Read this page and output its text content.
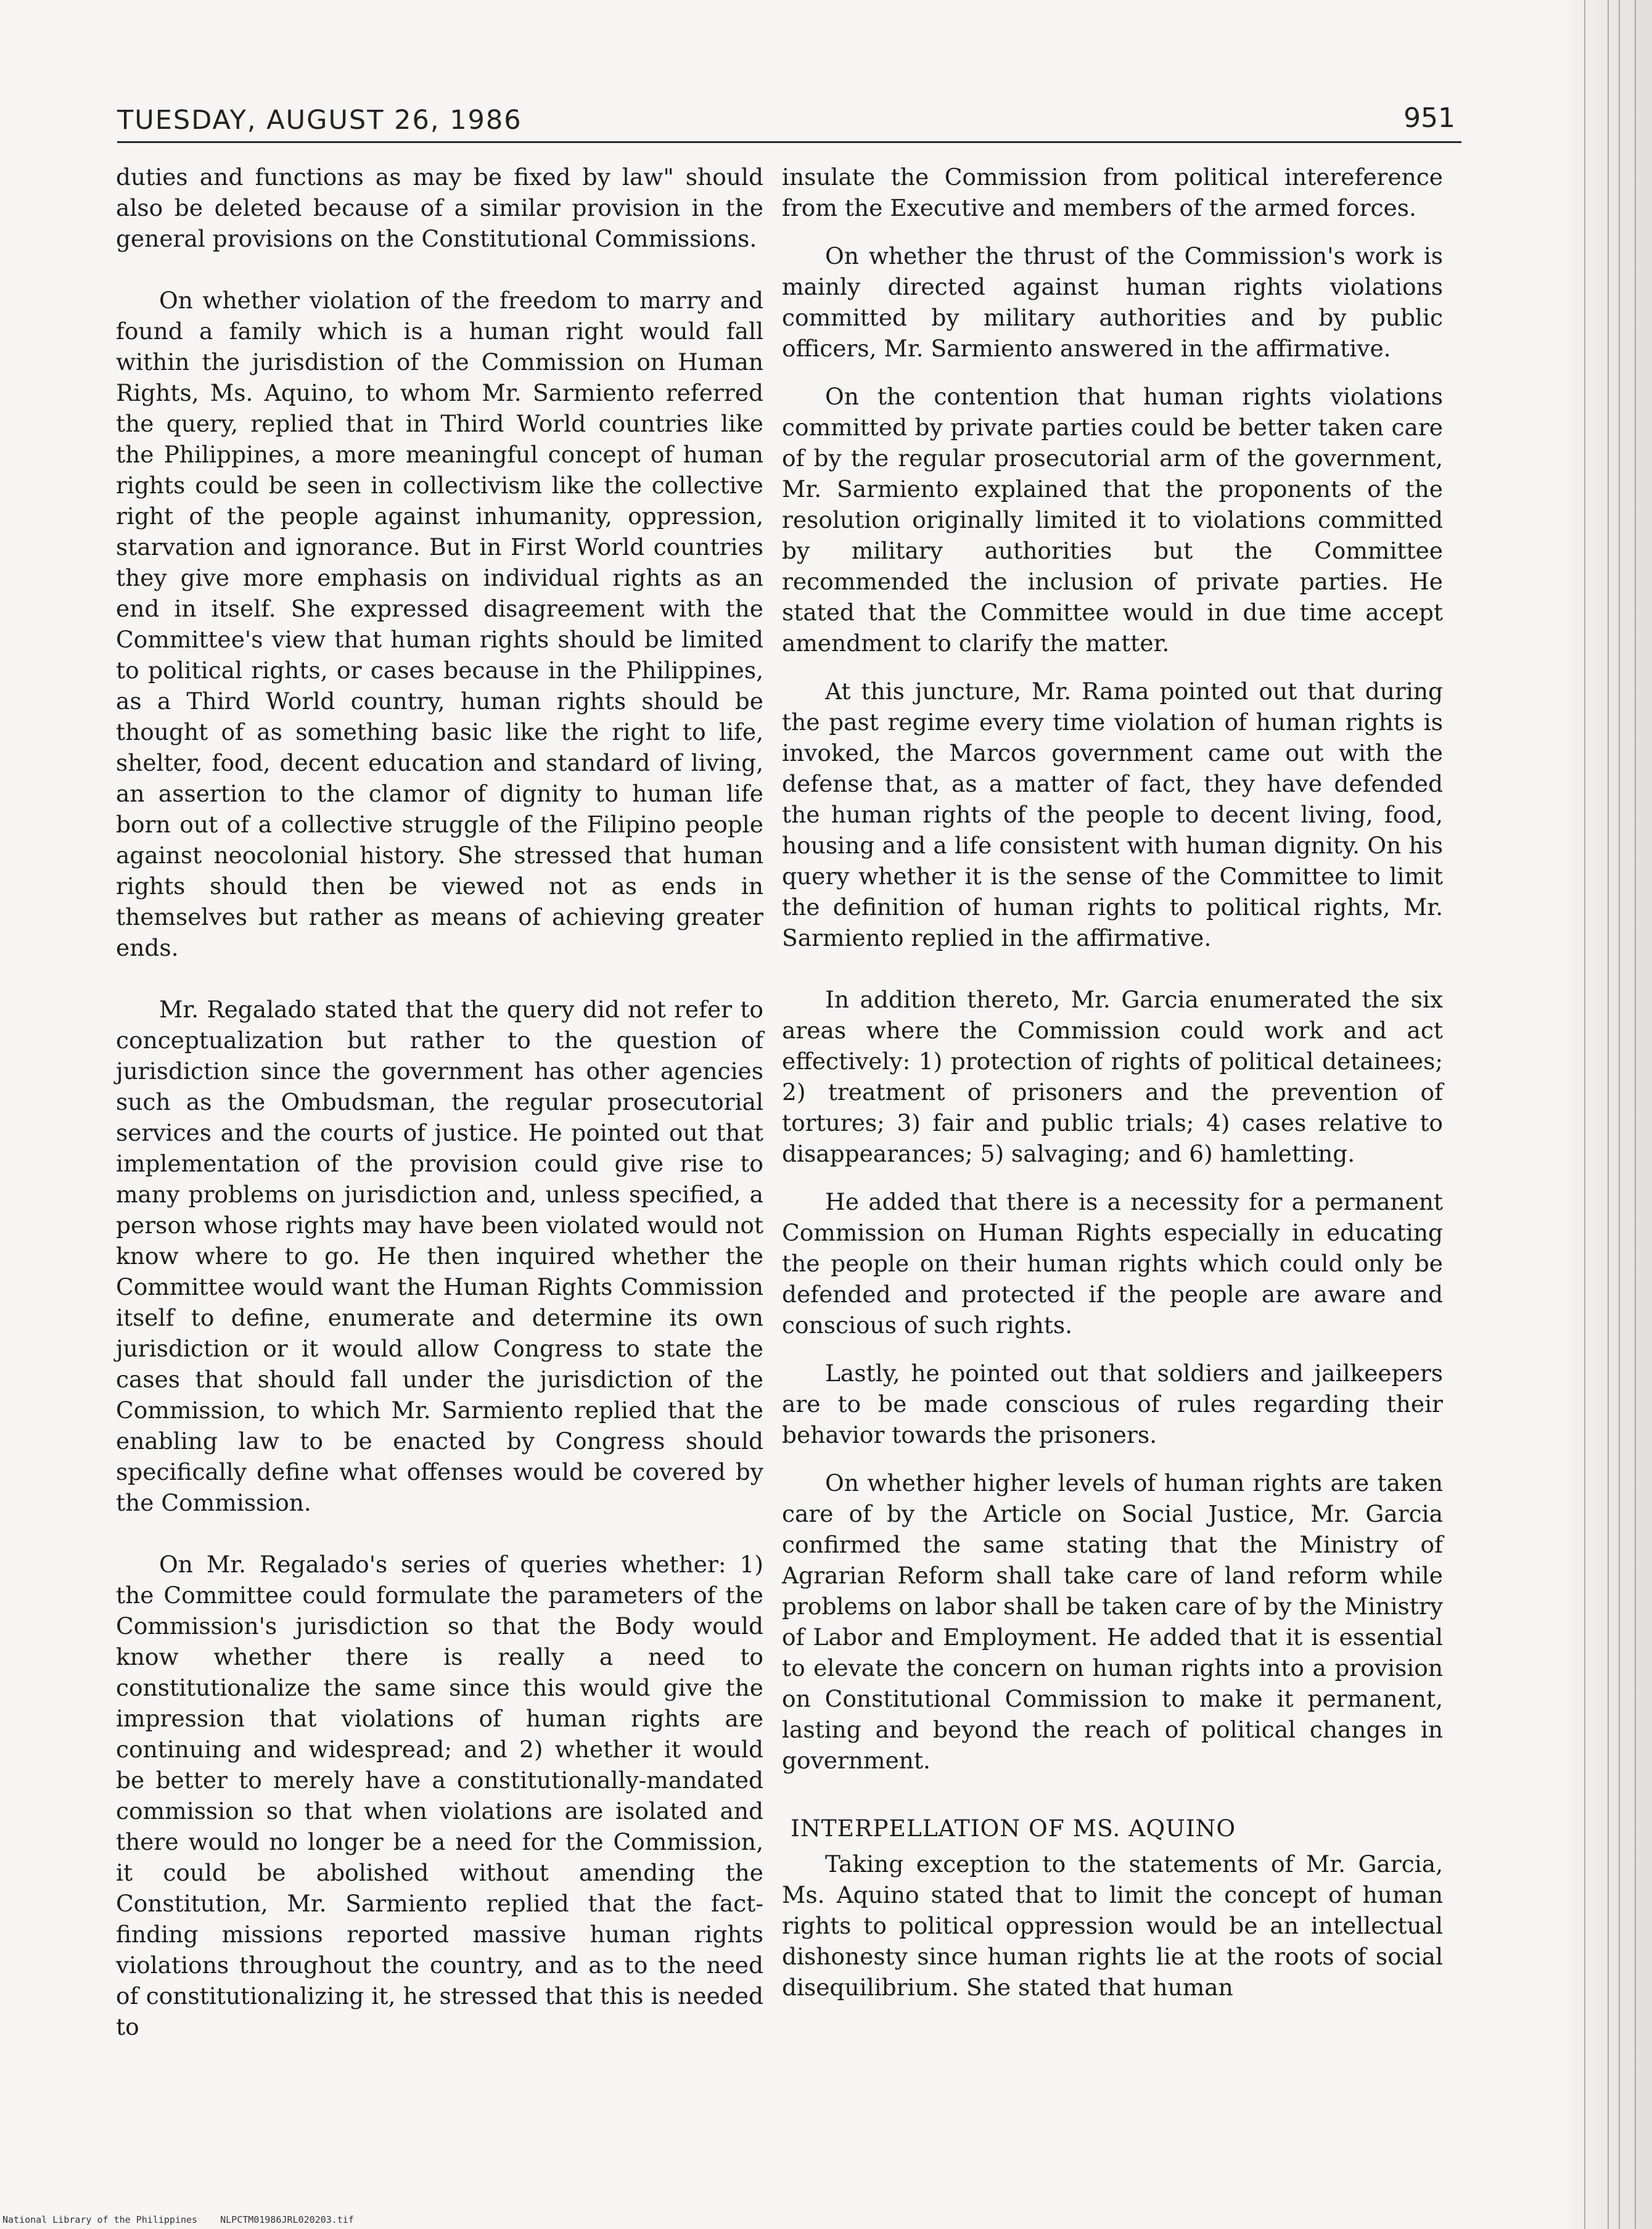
TUESDAY, AUGUST 26, 1986	951

duties and functions as may be fixed by law" should also be deleted because of a similar provision in the general provisions on the Constitutional Commissions.

On whether violation of the freedom to marry and found a family which is a human right would fall within the jurisdistion of the Commission on Human Rights, Ms. Aquino, to whom Mr. Sarmiento referred the query, replied that in Third World countries like the Philippines, a more meaningful concept of human rights could be seen in collectivism like the collective right of the people against inhumanity, oppression, starvation and ignorance. But in First World countries they give more emphasis on individual rights as an end in itself. She expressed disagreement with the Committee's view that human rights should be limited to political rights, or cases because in the Philippines, as a Third World country, human rights should be thought of as something basic like the right to life, shelter, food, decent education and standard of living, an assertion to the clamor of dignity to human life born out of a collective struggle of the Filipino people against neocolonial history. She stressed that human rights should then be viewed not as ends in themselves but rather as means of achieving greater ends.

Mr. Regalado stated that the query did not refer to conceptualization but rather to the question of jurisdiction since the government has other agencies such as the Ombudsman, the regular prosecutorial services and the courts of justice. He pointed out that implementation of the provision could give rise to many problems on jurisdiction and, unless specified, a person whose rights may have been violated would not know where to go. He then inquired whether the Committee would want the Human Rights Commission itself to define, enumerate and determine its own jurisdiction or it would allow Congress to state the cases that should fall under the jurisdiction of the Commission, to which Mr. Sarmiento replied that the enabling law to be enacted by Congress should specifically define what offenses would be covered by the Commission.

On Mr. Regalado's series of queries whether: 1) the Committee could formulate the parameters of the Commission's jurisdiction so that the Body would know whether there is really a need to constitutionalize the same since this would give the impression that violations of human rights are continuing and widespread; and 2) whether it would be better to merely have a constitutionally-mandated commission so that when violations are isolated and there would no longer be a need for the Commission, it could be abolished without amending the Constitution, Mr. Sarmiento replied that the fact-finding missions reported massive human rights violations throughout the country, and as to the need of constitutionalizing it, he stressed that this is needed to

insulate the Commission from political intereference from the Executive and members of the armed forces.

On whether the thrust of the Commission's work is mainly directed against human rights violations committed by military authorities and by public officers, Mr. Sarmiento answered in the affirmative.

On the contention that human rights violations committed by private parties could be better taken care of by the regular prosecutorial arm of the government, Mr. Sarmiento explained that the proponents of the resolution originally limited it to violations committed by military authorities but the Committee recommended the inclusion of private parties. He stated that the Committee would in due time accept amendment to clarify the matter.

At this juncture, Mr. Rama pointed out that during the past regime every time violation of human rights is invoked, the Marcos government came out with the defense that, as a matter of fact, they have defended the human rights of the people to decent living, food, housing and a life consistent with human dignity. On his query whether it is the sense of the Committee to limit the definition of human rights to political rights, Mr. Sarmiento replied in the affirmative.

In addition thereto, Mr. Garcia enumerated the six areas where the Commission could work and act effectively: 1) protection of rights of political detainees; 2) treatment of prisoners and the prevention of tortures; 3) fair and public trials; 4) cases relative to disappearances; 5) salvaging; and 6) hamletting.

He added that there is a necessity for a permanent Commission on Human Rights especially in educating the people on their human rights which could only be defended and protected if the people are aware and conscious of such rights.

Lastly, he pointed out that soldiers and jailkeepers are to be made conscious of rules regarding their behavior towards the prisoners.

On whether higher levels of human rights are taken care of by the Article on Social Justice, Mr. Garcia confirmed the same stating that the Ministry of Agrarian Reform shall take care of land reform while problems on labor shall be taken care of by the Ministry of Labor and Employment. He added that it is essential to elevate the concern on human rights into a provision on Constitutional Commission to make it permanent, lasting and beyond the reach of political changes in government.

INTERPELLATION OF MS. AQUINO

Taking exception to the statements of Mr. Garcia, Ms. Aquino stated that to limit the concept of human rights to political oppression would be an intellectual dishonesty since human rights lie at the roots of social disequilibrium. She stated that human

National Library of the Philippines NLPCTM01986JRL020203.tif
